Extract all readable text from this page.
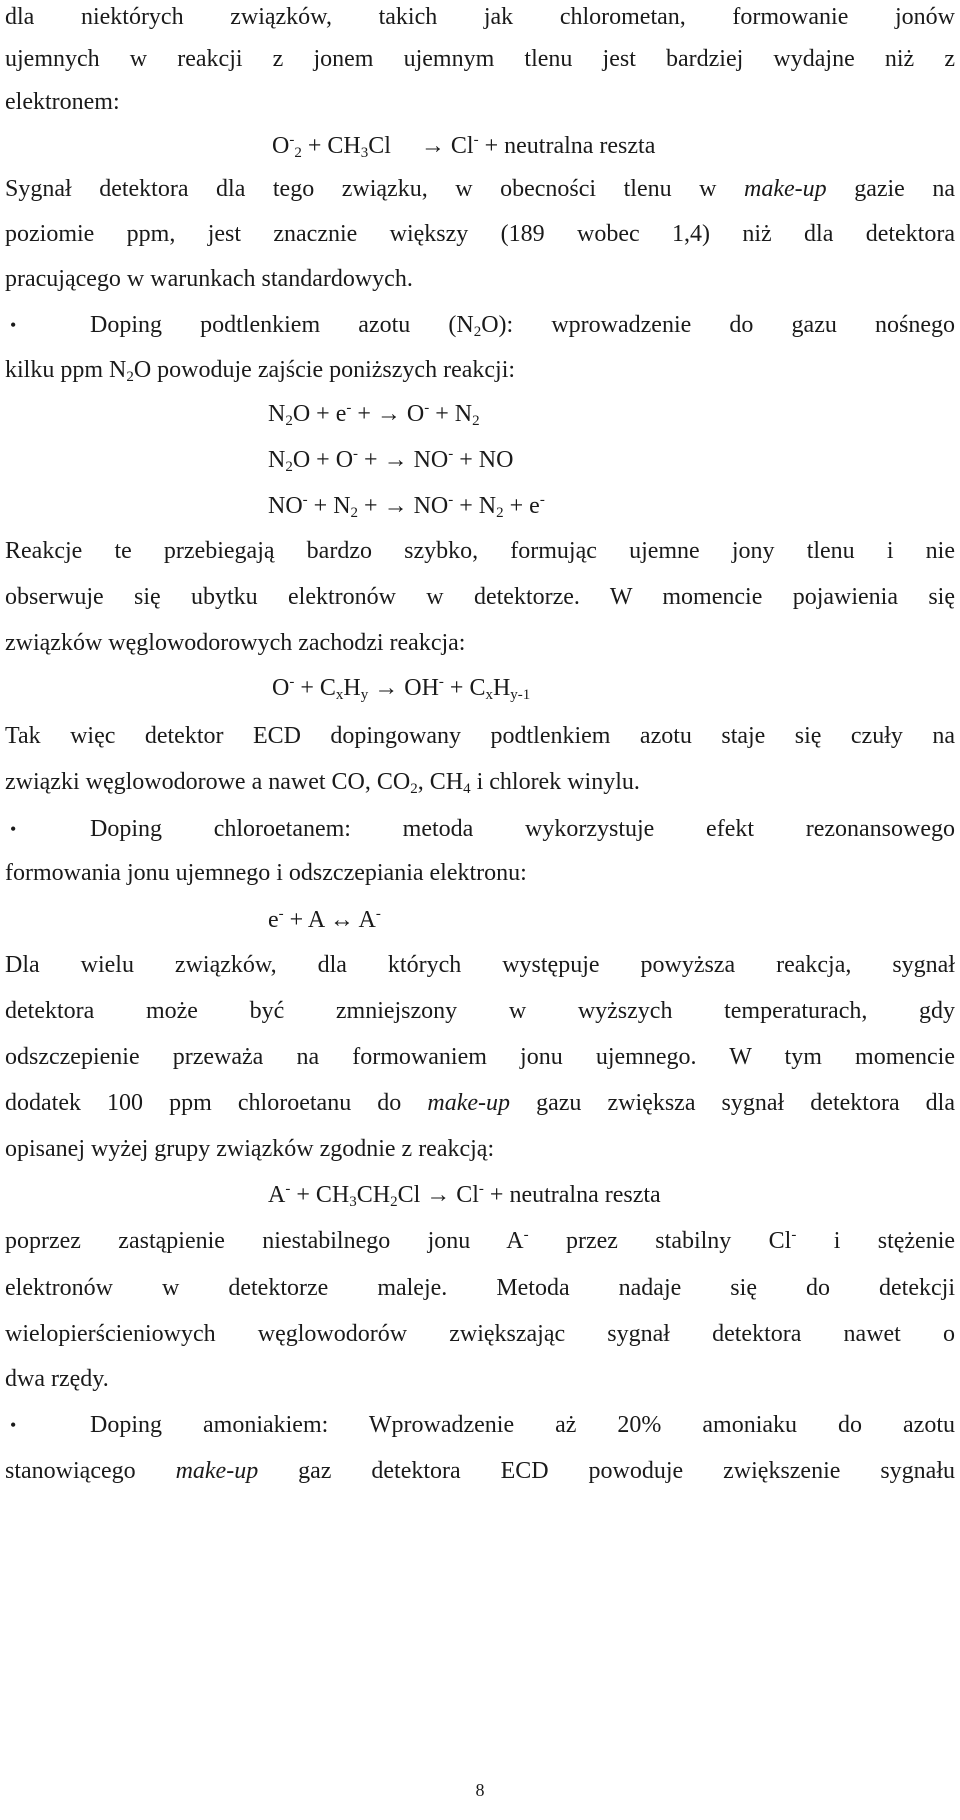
dla niektórych związków, takich jak chlorometan, formowanie jonów
ujemnych w reakcji z jonem ujemnym tlenu jest bardziej wydajne niż z
elektronem:
$O^-_2 + CH_3Cl \to Cl^-$ + neutralna reszta
Sygnał detektora dla tego związku, w obecności tlenu w make-up gazie na
poziomie ppm, jest znacznie większy (189 wobec 1,4) niż dla detektora
pracującego w warunkach standardowych.
•	Doping podtlenkiem azotu $(N_2O)$: wprowadzenie do gazu nośnego
kilku ppm $N_2O$ powoduje zajście poniższych reakcji:
$N_2O + e^-$ + → $O^- + N_2$
$N_2O + O^-$ + → NO- + NO
$NO^- + N_2$ + → $NO^- + N_2 + e^-$
Reakcje te przebiegają bardzo szybko, formując ujemne jony tlenu i nie
obserwuje się ubytku elektronów w detektorze. W momencie pojawienia się
związków węglowodorowych zachodzi reakcja:
$O^- + C_xH_y \to OH^- + C_xH_{y-1}$
Tak więc detektor ECD dopingowany podtlenkiem azotu staje się czuły na
związki węglowodorowe a nawet CO, $CO_2$, $CH_4$ i chlorek winylu.
•	Doping chloroetanem: metoda wykorzystuje efekt rezonansowego
formowania jonu ujemnego i odszczepiania elektronu:
e- + A ↔ A-
Dla wielu związków, dla których występuje powyższa reakcja, sygnał
detektora może być zmniejszony w wyższych temperaturach, gdy
odszczepienie przeważa na formowaniem jonu ujemnego. W tym momencie
dodatek 100 ppm chloroetanu do make-up gazu zwiększa sygnał detektora dla
opisanej wyżej grupy związków zgodnie z reakcją:
$A^- + CH_3CH_2Cl \to Cl^-$ + neutralna reszta
poprzez zastąpienie niestabilnego jonu A- przez stabilny Cl- i stężenie
elektronów w detektorze maleje. Metoda nadaje się do detekcji
wielopierścieniowych węglowodorów zwiększając sygnał detektora nawet o
dwa rzędy.
•	Doping amoniakiem: Wprowadzenie aż 20% amoniaku do azotu
stanowiącego make-up gaz detektora ECD powoduje zwiększenie sygnału
8
